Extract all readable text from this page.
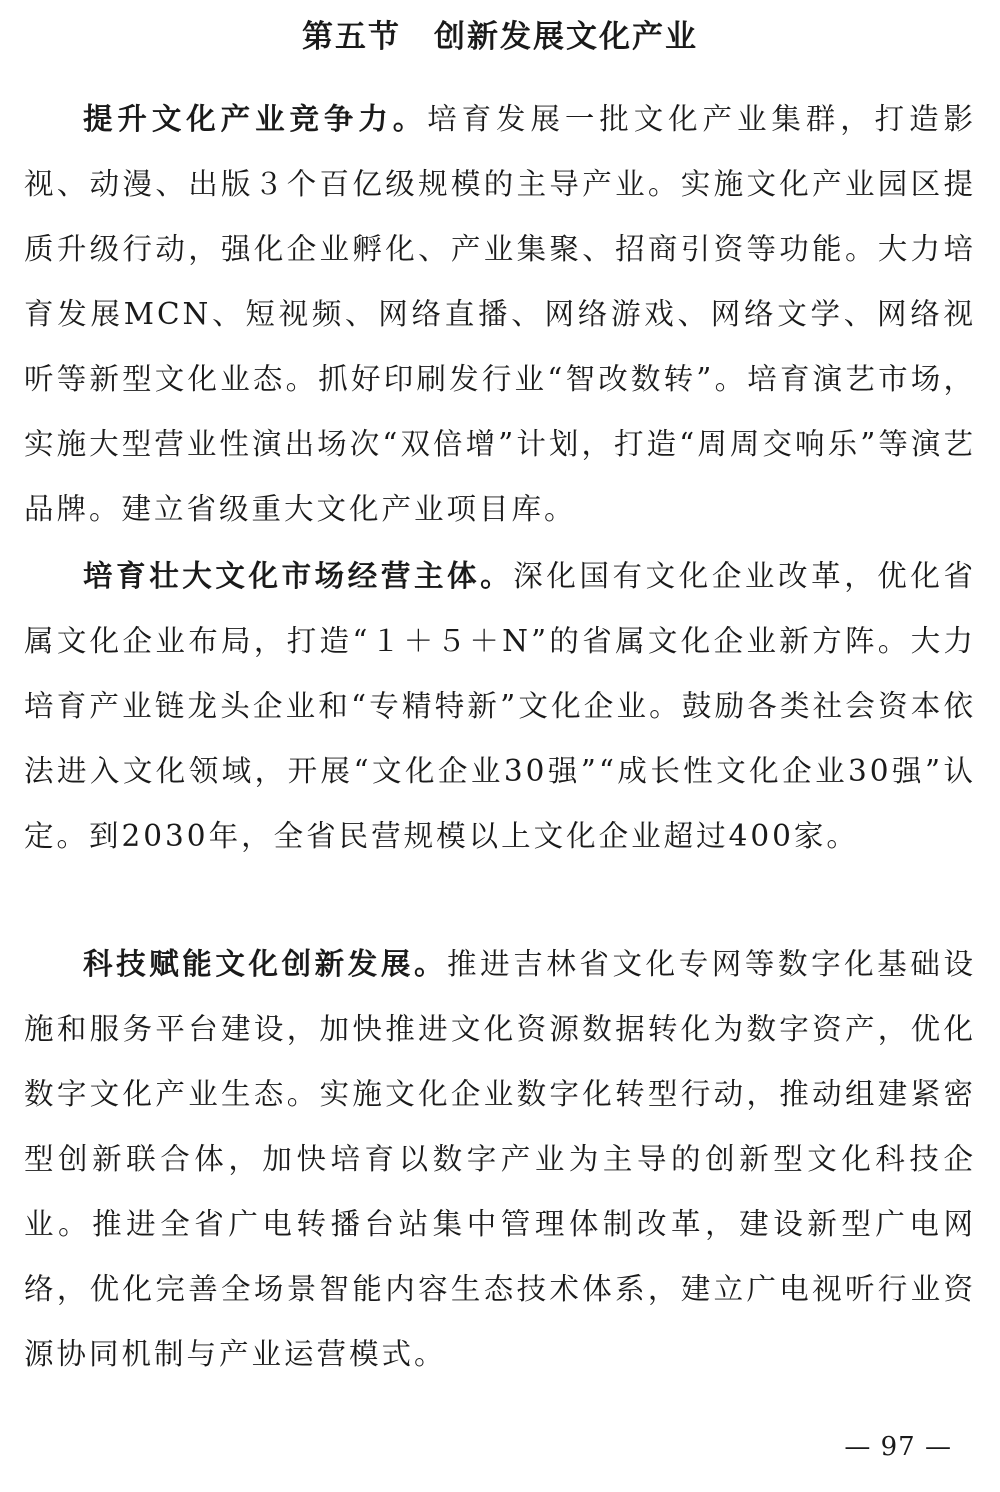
第五节　创新发展文化产业

提升文化产业竞争力。培育发展一批文化产业集群，打造影视、动漫、出版３个百亿级规模的主导产业。实施文化产业园区提质升级行动，强化企业孵化、产业集聚、招商引资等功能。大力培育发展MCN、短视频、网络直播、网络游戏、网络文学、网络视听等新型文化业态。抓好印刷发行业“智改数转”。培育演艺市场，实施大型营业性演出场次“双倍增”计划，打造“周周交响乐”等演艺品牌。建立省级重大文化产业项目库。

培育壮大文化市场经营主体。深化国有文化企业改革，优化省属文化企业布局，打造“１＋５＋N”的省属文化企业新方阵。大力培育产业链龙头企业和“专精特新”文化企业。鼓励各类社会资本依法进入文化领域，开展“文化企业30强”“成长性文化企业30强”认定。到2030年，全省民营规模以上文化企业超过400家。

科技赋能文化创新发展。推进吉林省文化专网等数字化基础设施和服务平台建设，加快推进文化资源数据转化为数字资产，优化数字文化产业生态。实施文化企业数字化转型行动，推动组建紧密型创新联合体，加快培育以数字产业为主导的创新型文化科技企业。推进全省广电转播台站集中管理体制改革，建设新型广电网络，优化完善全场景智能内容生态技术体系，建立广电视听行业资源协同机制与产业运营模式。

— 97 —
